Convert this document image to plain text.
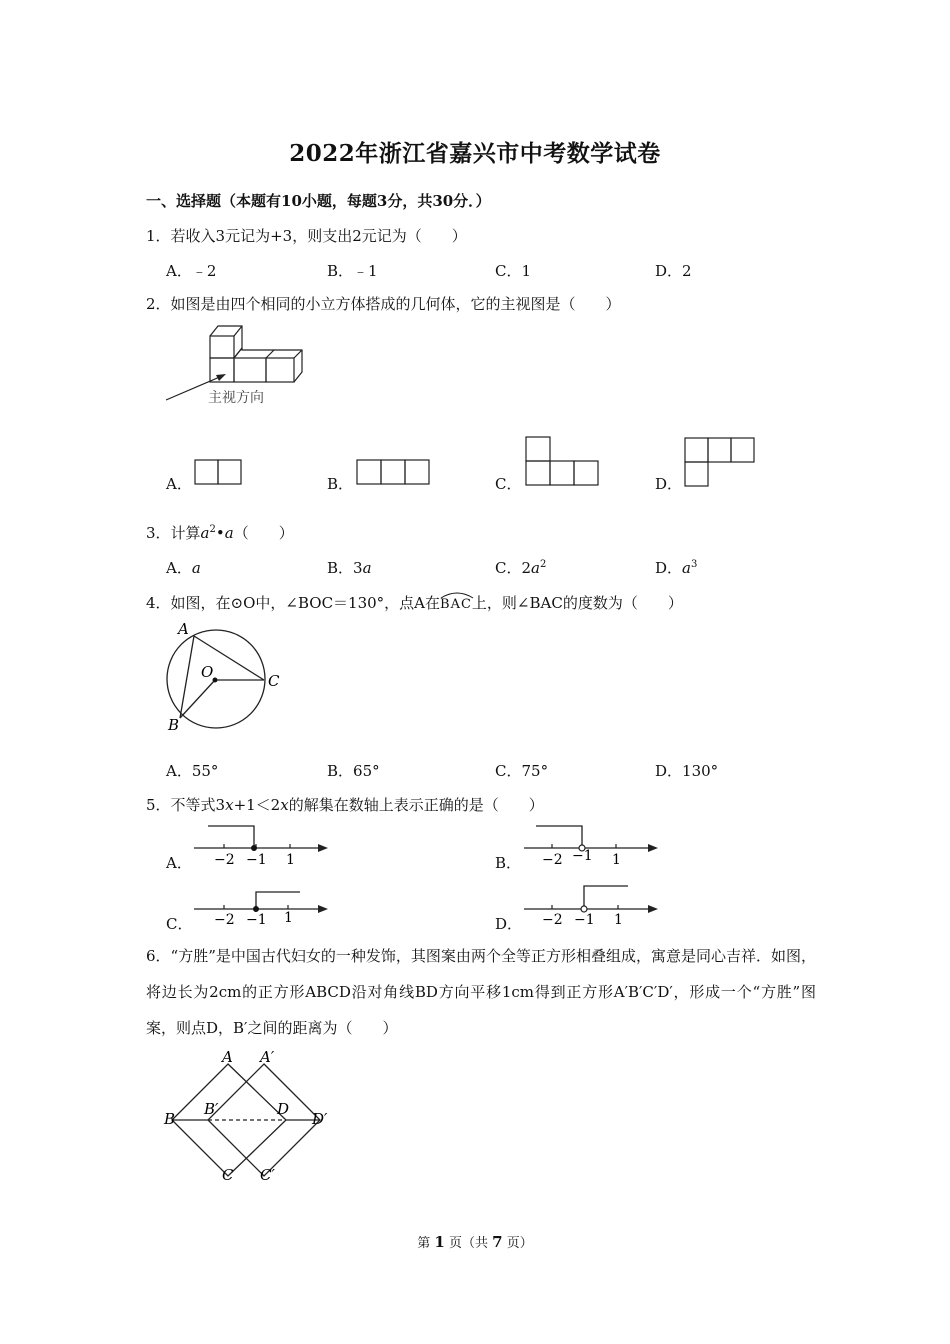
2022年浙江省嘉兴市中考数学试卷
一、选择题（本题有10小题，每题3分，共30分．）
1．若收入3元记为+3，则支出2元记为（　　）
A．﹣2	B．﹣1	C．1	D．2
2．如图是由四个相同的小立方体搭成的几何体，它的主视图是（　　）
主视方向
A．	B．	C．	D．
3．计算$a^2•a$（　　）
A．a	B．3a	C．$2a^2$	D．$a^3$
4．如图，在⊙O中，∠BOC＝130°，点A在
BAC上，则∠BAC的度数为（　　）
A
O	C
B
A．55°	B．65°	C．75°	D．130°
5．不等式3x+1＜2x的解集在数轴上表示正确的是（　　）
A． −2 −1 1	B． −2 −1 1
C． −2 −1 1	D． −2 −1 1
6．“方胜”是中国古代妇女的一种发饰，其图案由两个全等正方形相叠组成，寓意是同心吉祥．如图，将边长为2cm的正方形ABCD沿对角线BD方向平移1cm得到正方形A′B′C′D′，形成一个“方胜”图案，则点D，B′之间的距离为（　　）
A A′
B
B′	D
D′
C C′
第 1 页（共 7 页）
